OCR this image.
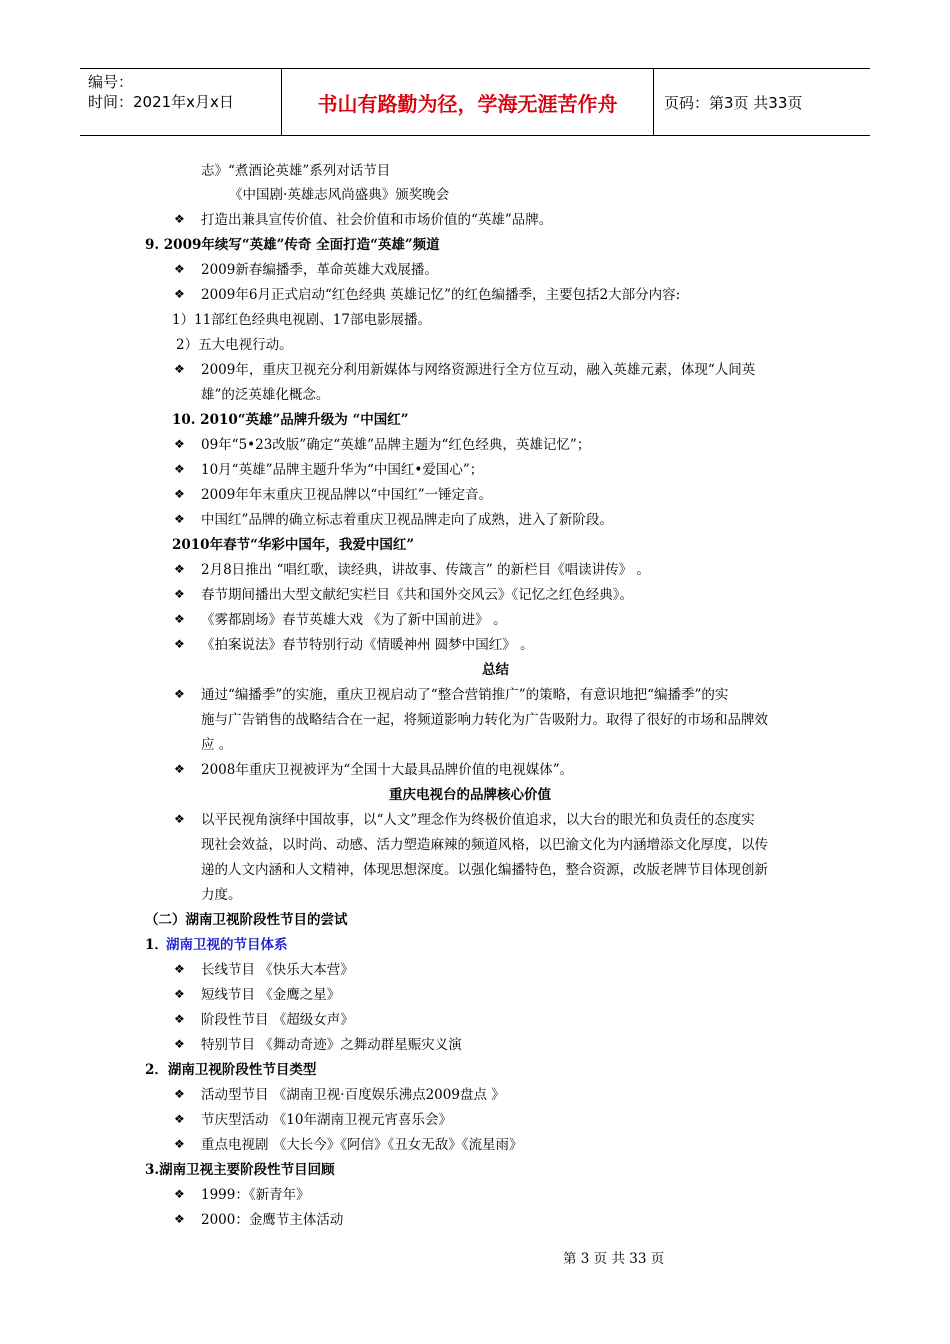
编号：
时间：2021年x月x日	书山有路勤为径，学海无涯苦作舟	页码：第3页 共33页
志》“煮酒论英雄”系列对话节目
《中国剧·英雄志风尚盛典》颁奖晚会
❖ 打造出兼具宣传价值、社会价值和市场价值的“英雄”品牌。
9. 2009年续写“英雄”传奇 全面打造“英雄”频道
❖ 2009新春编播季，革命英雄大戏展播。
❖ 2009年6月正式启动“红色经典 英雄记忆”的红色编播季，主要包括2大部分内容:
1）11部红色经典电视剧、17部电影展播。
2）五大电视行动。
❖ 2009年，重庆卫视充分利用新媒体与网络资源进行全方位互动，融入英雄元素，体现“人间英
雄”的泛英雄化概念。
10. 2010“英雄”品牌升级为 “中国红”
❖ 09年“5•23改版”确定“英雄”品牌主题为“红色经典，英雄记忆”；
❖ 10月“英雄”品牌主题升华为“中国红•爱国心”；
❖ 2009年年末重庆卫视品牌以“中国红”一锤定音。
❖ 中国红”品牌的确立标志着重庆卫视品牌走向了成熟，进入了新阶段。
2010年春节“华彩中国年，我爱中国红”
❖ 2月8日推出 “唱红歌，读经典，讲故事、传箴言” 的新栏目《唱读讲传》 。
❖ 春节期间播出大型文献纪实栏目《共和国外交风云》《记忆之红色经典》。
❖ 《雾都剧场》春节英雄大戏 《为了新中国前进》 。
❖ 《拍案说法》春节特别行动《情暖神州 圆梦中国红》 。
总结
❖ 通过“编播季”的实施，重庆卫视启动了“整合营销推广”的策略，有意识地把“编播季”的实
施与广告销售的战略结合在一起，将频道影响力转化为广告吸附力。取得了很好的市场和品牌效
应 。
❖ 2008年重庆卫视被评为“全国十大最具品牌价值的电视媒体”。
重庆电视台的品牌核心价值
❖ 以平民视角演绎中国故事，以“人文”理念作为终极价值追求，以大台的眼光和负责任的态度实
现社会效益，以时尚、动感、活力塑造麻辣的频道风格，以巴渝文化为内涵增添文化厚度，以传
递的人文内涵和人文精神，体现思想深度。以强化编播特色，整合资源，改版老牌节目体现创新
力度。
（二）湖南卫视阶段性节目的尝试
1．
湖南卫视的节目体系
❖ 长线节目 《快乐大本营》
❖ 短线节目 《金鹰之星》
❖ 阶段性节目 《超级女声》
❖ 特别节目 《舞动奇迹》之舞动群星赈灾义演
2．湖南卫视阶段性节目类型
❖ 活动型节目 《湖南卫视·百度娱乐沸点2009盘点 》
❖ 节庆型活动 《10年湖南卫视元宵喜乐会》
❖ 重点电视剧 《大长今》《阿信》《丑女无敌》《流星雨》
3.湖南卫视主要阶段性节目回顾
❖ 1999：《新青年》
❖ 2000：金鹰节主体活动
第 3 页 共 33 页
